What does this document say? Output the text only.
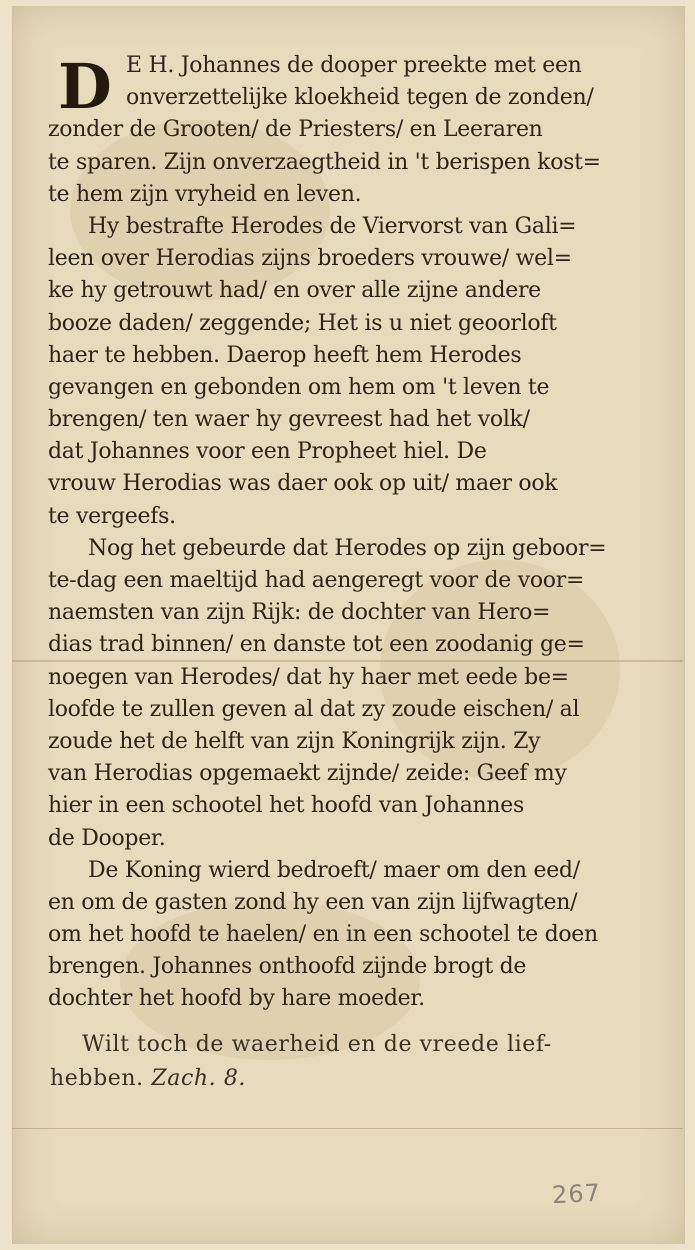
D E H. Johannes de dooper preekte met een
onverzettelijke kloekheid tegen de zonden/
zonder de Grooten/ de Priesters/ en Leeraren
te sparen. Zijn onverzaegtheid in 't berispen kost=
te hem zijn vryheid en leven.
Hy bestrafte Herodes de Viervorst van Gali=
leen over Herodias zijns broeders vrouwe/ wel=
ke hy getrouwt had/ en over alle zijne andere
booze daden/ zeggende; Het is u niet geoorloft
haer te hebben. Daerop heeft hem Herodes
gevangen en gebonden om hem om 't leven te
brengen/ ten waer hy gevreest had het volk/
dat Johannes voor een Propheet hiel. De
vrouw Herodias was daer ook op uit/ maer ook
te vergeefs.
Nog het gebeurde dat Herodes op zijn geboor=
te-dag een maeltijd had aengeregt voor de voor=
naemsten van zijn Rijk: de dochter van Hero=
dias trad binnen/ en danste tot een zoodanig ge=
noegen van Herodes/ dat hy haer met eede be=
loofde te zullen geven al dat zy zoude eischen/ al
zoude het de helft van zijn Koningrijk zijn. Zy
van Herodias opgemaekt zijnde/ zeide: Geef my
hier in een schootel het hoofd van Johannes
de Dooper.
De Koning wierd bedroeft/ maer om den eed/
en om de gasten zond hy een van zijn lijfwagten/
om het hoofd te haelen/ en in een schootel te doen
brengen. Johannes onthoofd zijnde brogt de
dochter het hoofd by hare moeder.
Wilt toch de waerheid en de vreede lief-
hebben. Zach. 8.
267
